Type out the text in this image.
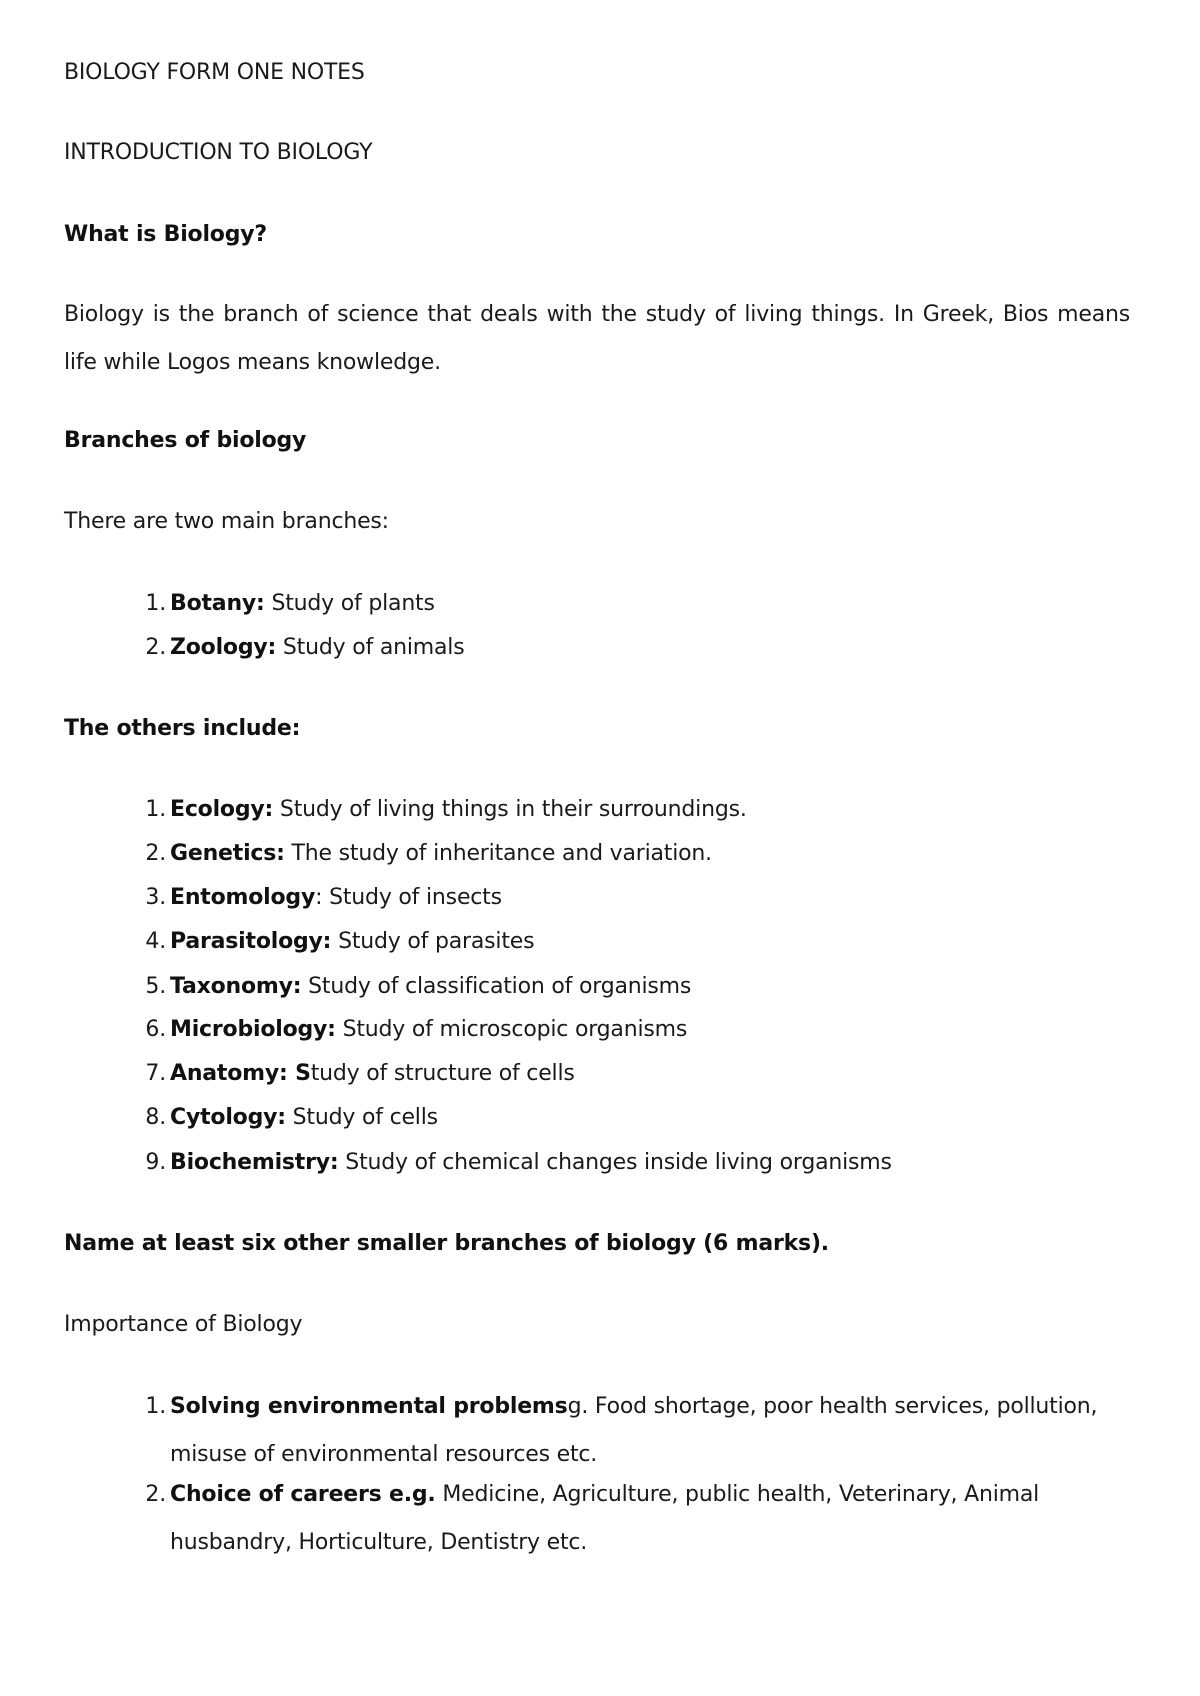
BIOLOGY FORM ONE NOTES

INTRODUCTION TO BIOLOGY

What is Biology?

Biology is the branch of science that deals with the study of living things. In Greek, Bios means life while Logos means knowledge.

Branches of biology

There are two main branches:

1. Botany: Study of plants
2. Zoology: Study of animals

The others include:

1. Ecology: Study of living things in their surroundings.
2. Genetics: The study of inheritance and variation.
3. Entomology: Study of insects
4. Parasitology: Study of parasites
5. Taxonomy: Study of classification of organisms
6. Microbiology: Study of microscopic organisms
7. Anatomy: Study of structure of cells
8. Cytology: Study of cells
9. Biochemistry: Study of chemical changes inside living organisms

Name at least six other smaller branches of biology (6 marks).

Importance of Biology

1. Solving environmental problemsg. Food shortage, poor health services, pollution, misuse of environmental resources etc.

2. Choice of careers e.g. Medicine, Agriculture, public health, Veterinary, Animal husbandry, Horticulture, Dentistry etc.
